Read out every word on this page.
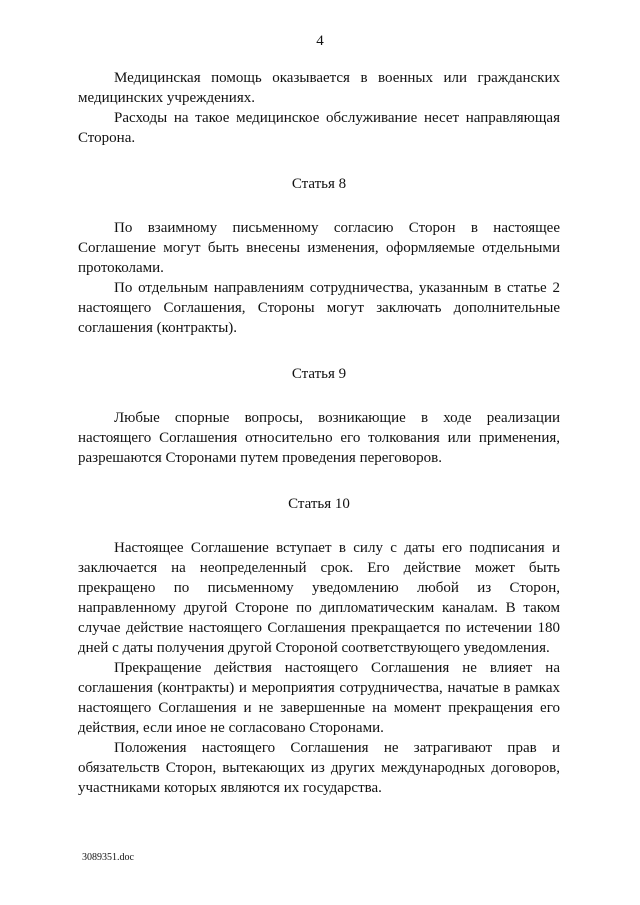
4

Медицинская помощь оказывается в военных или гражданских медицинских учреждениях.

Расходы на такое медицинское обслуживание несет направляющая Сторона.

Статья 8

По взаимному письменному согласию Сторон в настоящее Соглашение могут быть внесены изменения, оформляемые отдельными протоколами.

По отдельным направлениям сотрудничества, указанным в статье 2 настоящего Соглашения, Стороны могут заключать дополнительные соглашения (контракты).

Статья 9

Любые спорные вопросы, возникающие в ходе реализации настоящего Соглашения относительно его толкования или применения, разрешаются Сторонами путем проведения переговоров.

Статья 10

Настоящее Соглашение вступает в силу с даты его подписания и заключается на неопределенный срок. Его действие может быть прекращено по письменному уведомлению любой из Сторон, направленному другой Стороне по дипломатическим каналам. В таком случае действие настоящего Соглашения прекращается по истечении 180 дней с даты получения другой Стороной соответствующего уведомления.

Прекращение действия настоящего Соглашения не влияет на соглашения (контракты) и мероприятия сотрудничества, начатые в рамках настоящего Соглашения и не завершенные на момент прекращения его действия, если иное не согласовано Сторонами.

Положения настоящего Соглашения не затрагивают прав и обязательств Сторон, вытекающих из других международных договоров, участниками которых являются их государства.

3089351.doc
